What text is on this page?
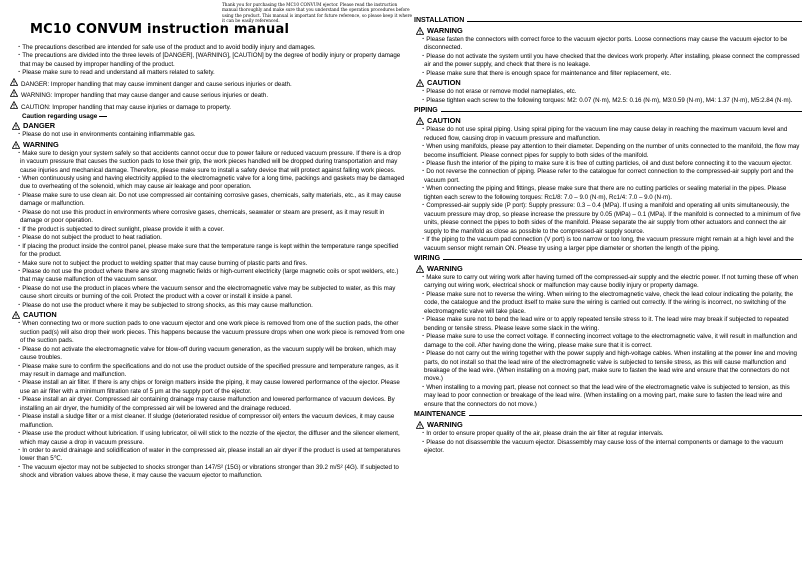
MC10 CONVUM instruction manual
Thank you for purchasing the MC10 CONVUM ejector. Please read the instruction manual thoroughly and make sure that you understand the operation procedures before using the product. This manual is important for future reference, so please keep it where it can be easily referenced.

・The precautions described are intended for safe use of the product and to avoid bodily injury and damages.

・The precautions are divided into the three levels of [DANGER], [WARNING], [CAUTION] by the degree of bodily injury or property damage that may be caused by improper handling of the product.

・Please make sure to read and understand all matters related to safety.

DANGER: Improper handling that may cause imminent danger and cause serious injuries or death.

WARNING: Improper handling that may cause danger and cause serious injuries or death.

CAUTION: Improper handling that may cause injuries or damage to property.

Caution regarding usage
DANGER

・Please do not use in environments containing inflammable gas.

WARNING

・Make sure to design your system safely so that accidents cannot occur due to power failure or reduced vacuum pressure. If there is a drop in vacuum pressure that causes the suction pads to lose their grip, the work pieces handled will be dropped during transportation and may cause injuries and mechanical damage. Therefore, please make sure to install a safety device that will protect against falling work pieces.

・When continuously using and having electricity applied to the electromagnetic valve for a long time, packings and gaskets may be damaged due to overheating of the solenoid, which may cause air leakage and poor operation.

・Please make sure to use clean air. Do not use compressed air containing corrosive gases, chemicals, salty materials, etc., as it may cause damage or malfunction.

・Please do not use this product in environments where corrosive gases, chemicals, seawater or steam are present, as it may result in damage or poor operation.

・If the product is subjected to direct sunlight, please provide it with a cover.

・Please do not subject the product to heat radiation.

・If placing the product inside the control panel, please make sure that the temperature range is kept within the temperature range specified for the product.

・Make sure not to subject the product to welding spatter that may cause burning of plastic parts and fires.

・Please do not use the product where there are strong magnetic fields or high-current electricity (large magnetic coils or spot welders, etc.) that may cause malfunction of the vacuum sensor.

・Please do not use the product in places where the vacuum sensor and the electromagnetic valve may be subjected to water, as this may cause short circuits or burning of the coil. Protect the product with a cover or install it inside a panel.

・Please do not use the product where it may be subjected to strong shocks, as this may cause malfunction.

CAUTION

・When connecting two or more suction pads to one vacuum ejector and one work piece is removed from one of the suction pads, the other suction pad(s) will also drop their work pieces. This happens because the vacuum pressure drops when one work piece is removed from one of the suction pads.

・Please do not activate the electromagnetic valve for blow-off during vacuum generation, as the vacuum supply will be broken, which may cause troubles.

・Please make sure to confirm the specifications and do not use the product outside of the specified pressure and temperature ranges, as it may result in damage and malfunction.

・Please install an air filter. If there is any chips or foreign matters inside the piping, it may cause lowered performance of the ejector. Please use an air filter with a minimum filtration rate of 5 μm at the supply port of the ejector.

・Please install an air dryer. Compressed air containing drainage may cause malfunction and lowered performance of vacuum devices. By installing an air dryer, the humidity of the compressed air will be lowered and the drainage reduced.

・Please install a sludge filter or a mist cleaner. If sludge (deteriorated residue of compressor oil) enters the vacuum devices, it may cause malfunction.

・Please use the product without lubrication. If using lubricator, oil will stick to the nozzle of the ejector, the diffuser and the silencer element, which may cause a drop in vacuum pressure.

・In order to avoid drainage and solidification of water in the compressed air, please install an air dryer if the product is used at temperatures lower than 5℃.

・The vacuum ejector may not be subjected to shocks stronger than 147/S² (15G) or vibrations stronger than 39.2 m/S² (4G). If subjected to shock and vibration values above these, it may cause the vacuum ejector to malfunction.

INSTALLATION
WARNING

・Please fasten the connectors with correct force to the vacuum ejector ports. Loose connections may cause the vacuum ejector to be disconnected.

・Please do not activate the system until you have checked that the devices work properly. After installing, please connect the compressed air and the power supply, and check that there is no leakage.

・Please make sure that there is enough space for maintenance and filter replacement, etc.

CAUTION

・Please do not erase or remove model nameplates, etc.

・Please tighten each screw to the following torques: M2: 0.07 (N·m), M2.5: 0.16 (N·m), M3:0.59 (N·m), M4: 1.37 (N·m), M5:2.84 (N·m).

PIPING
CAUTION

・Please do not use spiral piping. Using spiral piping for the vacuum line may cause delay in reaching the maximum vacuum level and reduced flow, causing drop in vacuum pressure and malfunction.

・When using manifolds, please pay attention to their diameter. Depending on the number of units connected to the manifold, the flow may become insufficient. Please connect pipes for supply to both sides of the manifold.

・Please flush the interior of the piping to make sure it is free of cutting particles, oil and dust before connecting it to the vacuum ejector.

・Do not reverse the connection of piping. Please refer to the catalogue for correct connection to the compressed-air supply port and the vacuum port.

・When connecting the piping and fittings, please make sure that there are no cutting particles or sealing material in the pipes. Please tighten each screw to the following torques: Rc1/8: 7.0 – 9.0 (N·m), Rc1/4: 7.0 – 9.0 (N·m).

・Compressed-air supply side (P port): Supply pressure: 0.3 – 0.4 (MPa). If using a manifold and operating all units simultaneously, the vacuum pressure may drop, so please increase the pressure by 0.05 (MPa) – 0.1 (MPa). If the manifold is connected to a minimum of five units, please connect the pipes to both sides of the manifold. Please separate the air supply from other actuators and connect the air supply to the manifold as close as possible to the compressed-air supply source.

・If the piping to the vacuum pad connection (V port) is too narrow or too long, the vacuum pressure might remain at a high level and the vacuum sensor might remain ON. Please try using a larger pipe diameter or shorten the length of the piping.

WIRING
WARNING

・Make sure to carry out wiring work after having turned off the compressed-air supply and the electric power. If not turning these off when carrying out wiring work, electrical shock or malfunction may cause bodily injury or property damage.

・Please make sure not to reverse the wiring. When wiring to the electromagnetic valve, check the lead colour indicating the polarity, the code, the catalogue and the product itself to make sure the wiring is carried out correctly. If the wiring is incorrect, no switching of the electromagnetic valve will take place.

・Please make sure not to bend the lead wire or to apply repeated tensile stress to it. The lead wire may break if subjected to repeated bending or tensile stress. Please leave some slack in the wiring.

・Please make sure to use the correct voltage. If connecting incorrect voltage to the electromagnetic valve, it will result in malfunction and damage to the coil. After having done the wiring, please make sure that it is correct.

・Please do not carry out the wiring together with the power supply and high-voltage cables. When installing at the power line and moving parts, do not install so that the lead wire of the electromagnetic valve is subjected to tensile stress, as this will cause malfunction and breakage of the lead wire. (When installing on a moving part, make sure to fasten the lead wire and ensure that the connectors do not move.)

・When installing to a moving part, please not connect so that the lead wire of the electromagnetic valve is subjected to tension, as this may lead to poor connection or breakage of the lead wire. (When installing on a moving part, make sure to fasten the lead wire and ensure that the connectors do not move.)

MAINTENANCE
WARNING

・In order to ensure proper quality of the air, please drain the air filter at regular intervals.

・Please do not disassemble the vacuum ejector. Disassembly may cause loss of the internal components or damage to the vacuum ejector.
